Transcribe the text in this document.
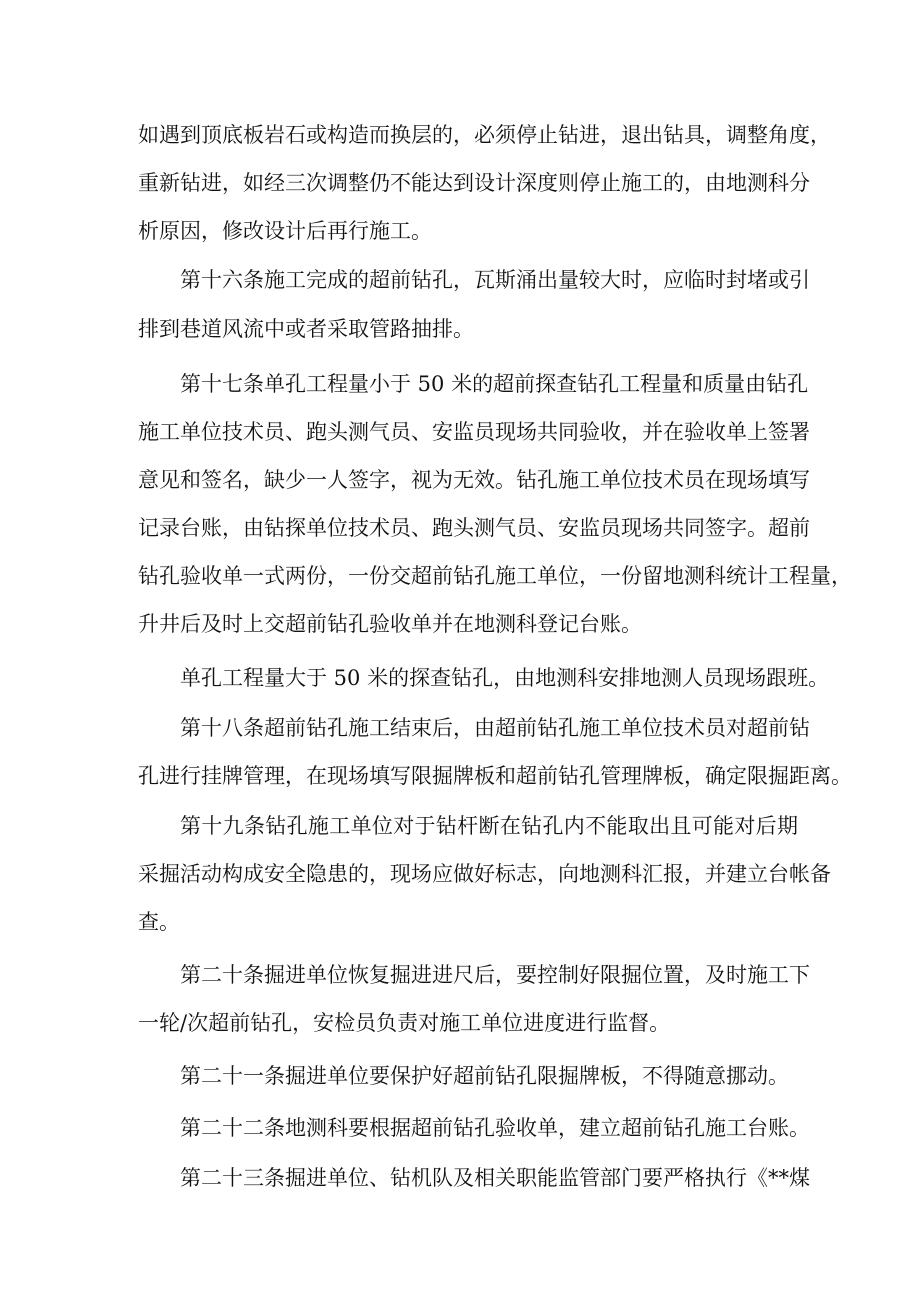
如遇到顶底板岩石或构造而换层的，必须停止钻进，退出钻具，调整角度，
重新钻进，如经三次调整仍不能达到设计深度则停止施工的，由地测科分
析原因，修改设计后再行施工。
第十六条施工完成的超前钻孔，瓦斯涌出量较大时，应临时封堵或引
排到巷道风流中或者采取管路抽排。
第十七条单孔工程量小于 50 米的超前探查钻孔工程量和质量由钻孔
施工单位技术员、跑头测气员、安监员现场共同验收，并在验收单上签署
意见和签名，缺少一人签字，视为无效。钻孔施工单位技术员在现场填写
记录台账，由钻探单位技术员、跑头测气员、安监员现场共同签字。超前
钻孔验收单一式两份，一份交超前钻孔施工单位，一份留地测科统计工程量，
升井后及时上交超前钻孔验收单并在地测科登记台账。
单孔工程量大于 50 米的探查钻孔，由地测科安排地测人员现场跟班。
第十八条超前钻孔施工结束后，由超前钻孔施工单位技术员对超前钻
孔进行挂牌管理，在现场填写限掘牌板和超前钻孔管理牌板，确定限掘距离。
第十九条钻孔施工单位对于钻杆断在钻孔内不能取出且可能对后期
采掘活动构成安全隐患的，现场应做好标志，向地测科汇报，并建立台帐备
查。
第二十条掘进单位恢复掘进进尺后，要控制好限掘位置，及时施工下
一轮/次超前钻孔，安检员负责对施工单位进度进行监督。
第二十一条掘进单位要保护好超前钻孔限掘牌板，不得随意挪动。
第二十二条地测科要根据超前钻孔验收单，建立超前钻孔施工台账。
第二十三条掘进单位、钻机队及相关职能监管部门要严格执行《**煤
